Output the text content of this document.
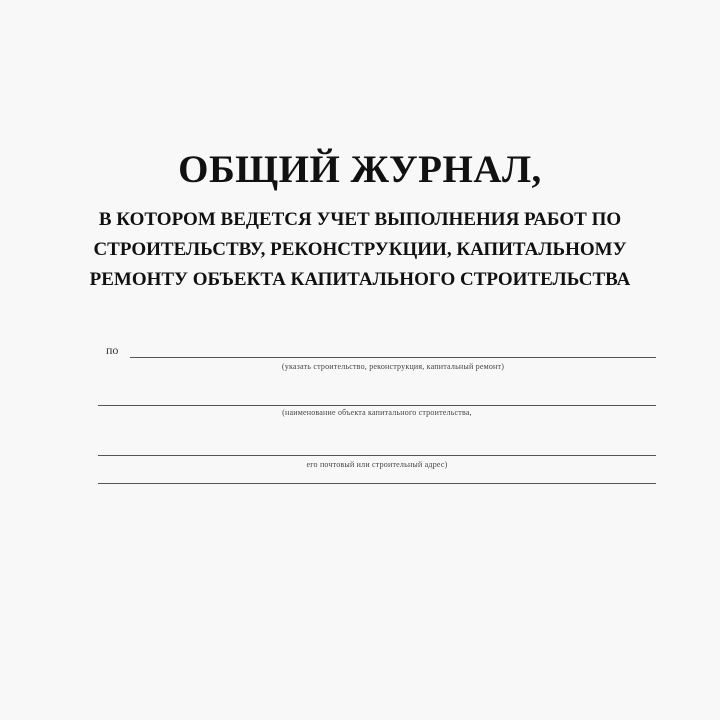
ОБЩИЙ ЖУРНАЛ,
В КОТОРОМ ВЕДЕТСЯ УЧЕТ ВЫПОЛНЕНИЯ РАБОТ ПО
СТРОИТЕЛЬСТВУ, РЕКОНСТРУКЦИИ, КАПИТАЛЬНОМУ
РЕМОНТУ ОБЪЕКТА КАПИТАЛЬНОГО СТРОИТЕЛЬСТВА
по
(указать строительство, реконструкция, капитальный ремонт)
(наименование объекта капитального строительства,
его почтовый или строительный адрес)
